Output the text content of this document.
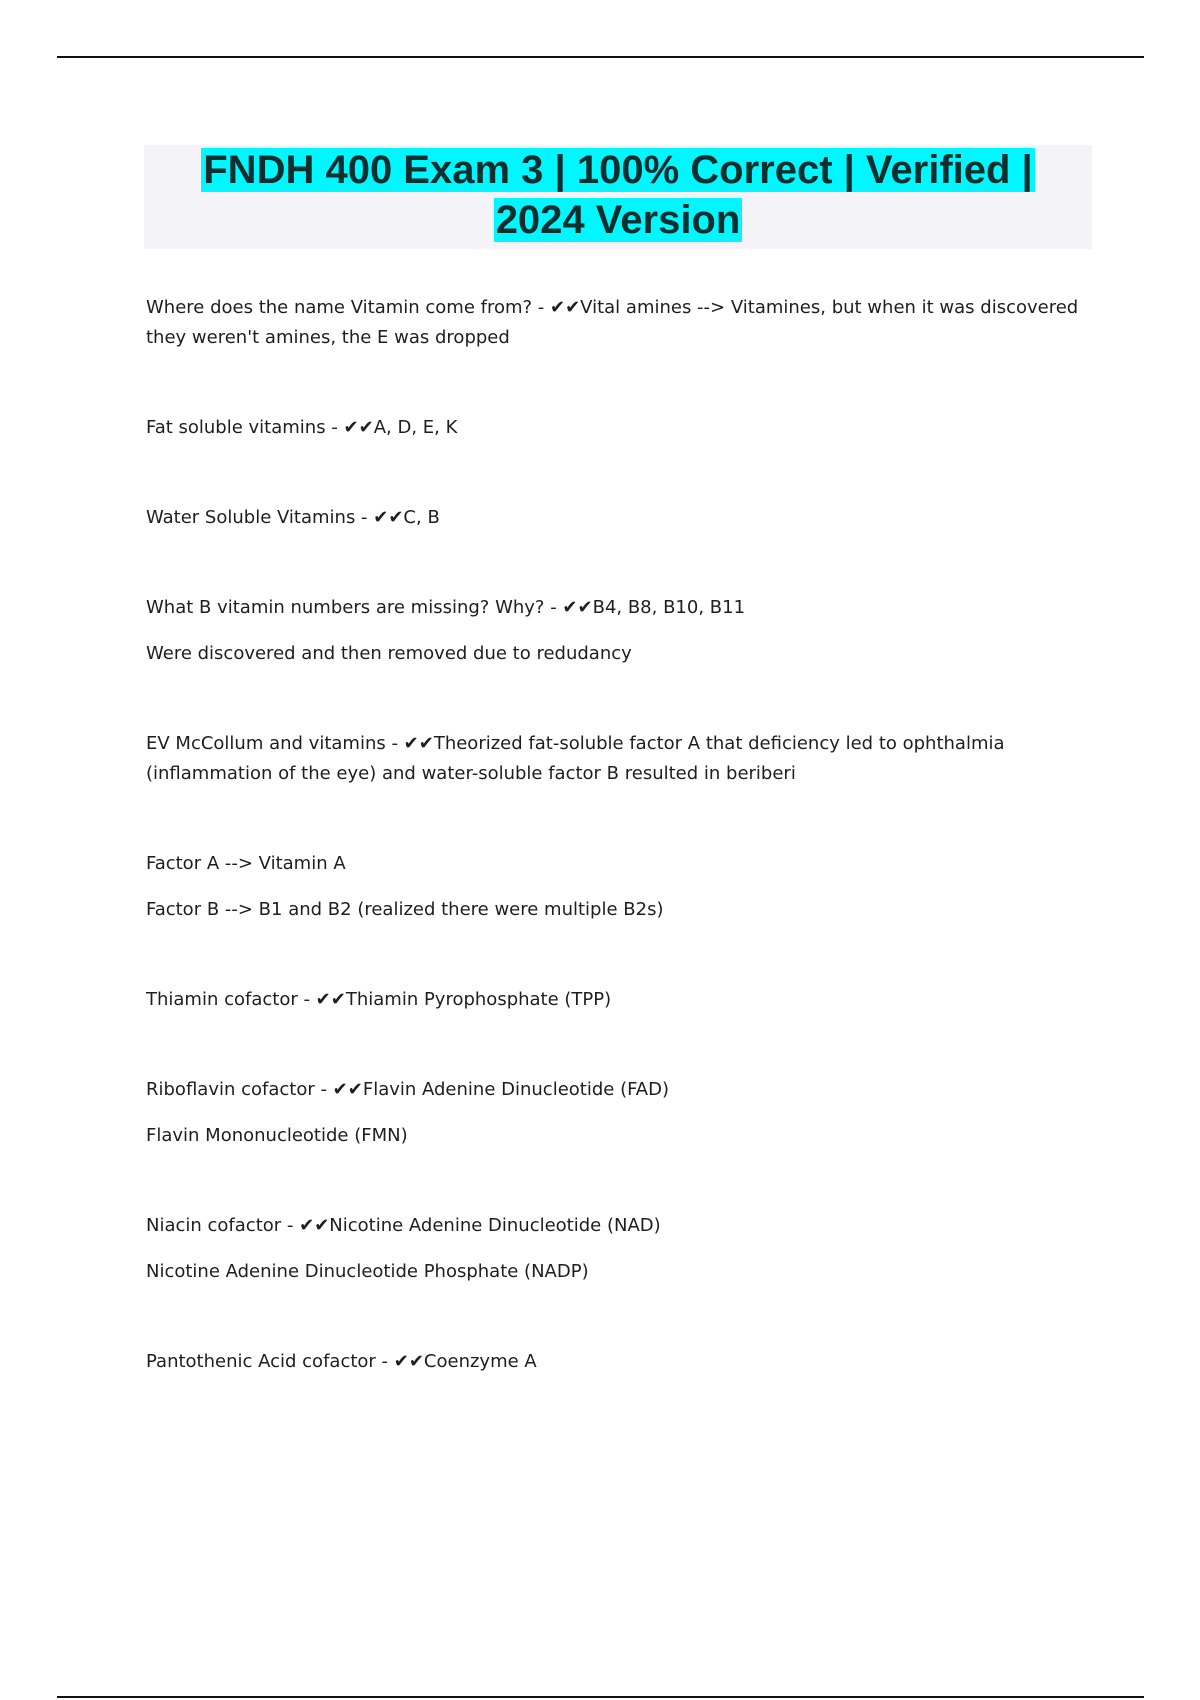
FNDH 400 Exam 3 | 100% Correct | Verified |
2024 Version

Where does the name Vitamin come from? - ✔✔Vital amines --> Vitamines, but when it was discovered they weren't amines, the E was dropped

Fat soluble vitamins - ✔✔A, D, E, K

Water Soluble Vitamins - ✔✔C, B

What B vitamin numbers are missing? Why? - ✔✔B4, B8, B10, B11

Were discovered and then removed due to redudancy

EV McCollum and vitamins - ✔✔Theorized fat-soluble factor A that deficiency led to ophthalmia (inflammation of the eye) and water-soluble factor B resulted in beriberi

Factor A --> Vitamin A

Factor B --> B1 and B2 (realized there were multiple B2s)

Thiamin cofactor - ✔✔Thiamin Pyrophosphate (TPP)

Riboflavin cofactor - ✔✔Flavin Adenine Dinucleotide (FAD)

Flavin Mononucleotide (FMN)

Niacin cofactor - ✔✔Nicotine Adenine Dinucleotide (NAD)

Nicotine Adenine Dinucleotide Phosphate (NADP)

Pantothenic Acid cofactor - ✔✔Coenzyme A
